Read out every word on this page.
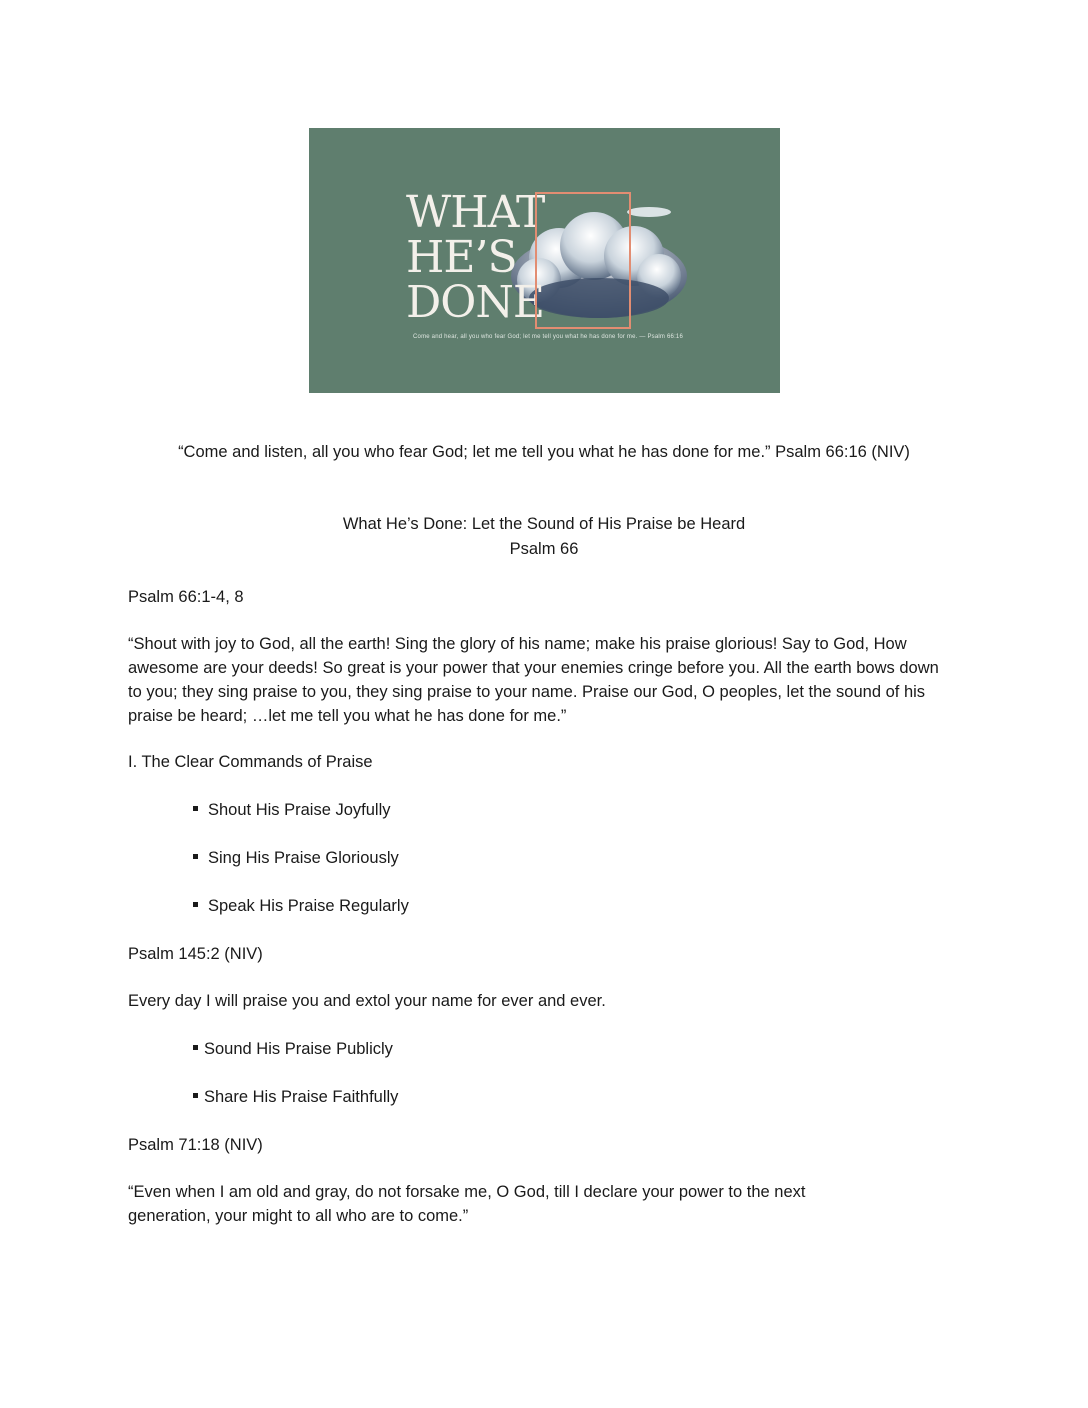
WHAT
HE’S
DONE
Come and hear, all you who fear God; let me tell you what he has done for me. — Psalm 66:16
“Come and listen, all you who fear God; let me tell you what he has done for me.” Psalm 66:16 (NIV)
What He’s Done: Let the Sound of His Praise be Heard
Psalm 66
Psalm 66:1-4, 8
“Shout with joy to God, all the earth! Sing the glory of his name; make his praise glorious! Say to God, How awesome are your deeds! So great is your power that your enemies cringe before you. All the earth bows down to you; they sing praise to you, they sing praise to your name. Praise our God, O peoples, let the sound of his praise be heard; …let me tell you what he has done for me.”
I. The Clear Commands of Praise
Shout His Praise Joyfully
Sing His Praise Gloriously
Speak His Praise Regularly
Psalm 145:2 (NIV)
Every day I will praise you and extol your name for ever and ever.
Sound His Praise Publicly
Share His Praise Faithfully
Psalm 71:18 (NIV)
“Even when I am old and gray, do not forsake me, O God, till I declare your power to the next generation, your might to all who are to come.”
